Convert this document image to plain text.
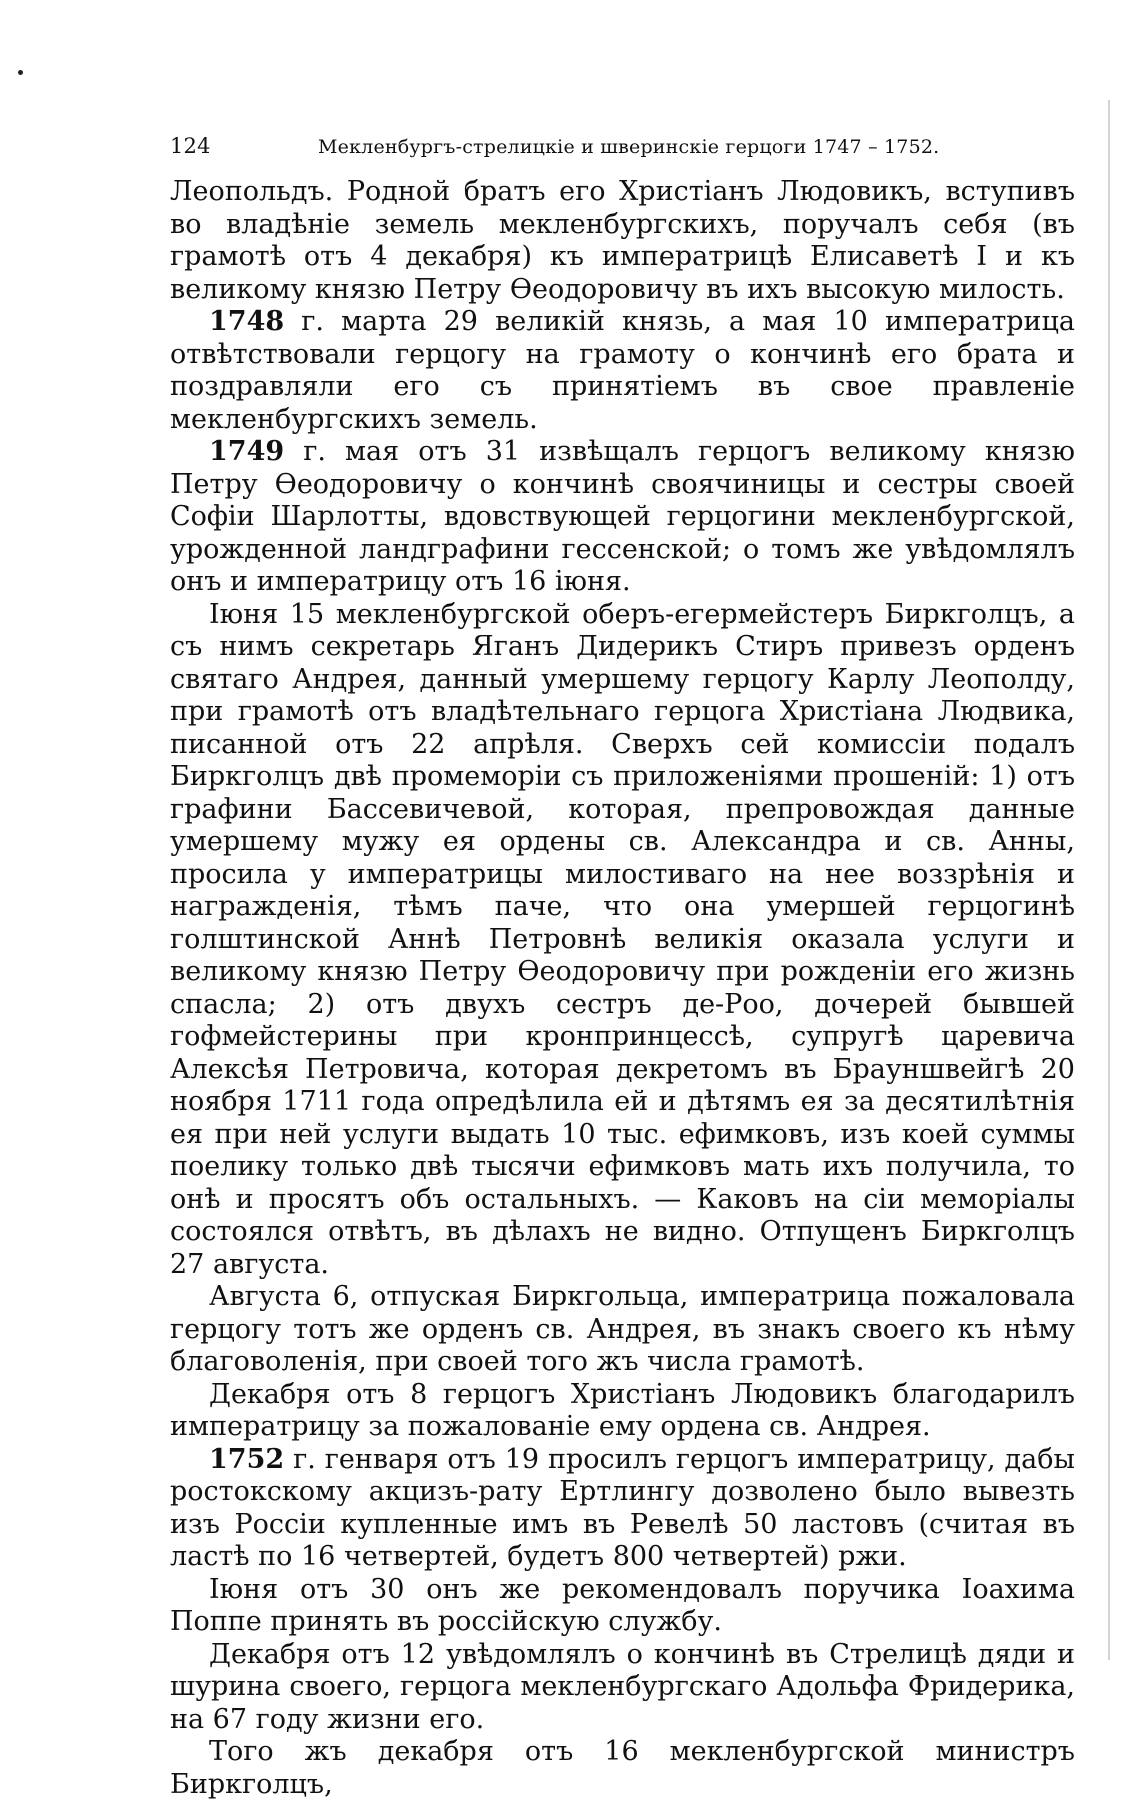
124	Мекленбургъ-стрелицкіе и шверинскіе герцоги 1747 – 1752.

Леопольдъ. Родной братъ его Христіанъ Людовикъ, вступивъ во владѣніе земель мекленбургскихъ, поручалъ себя (въ грамотѣ отъ 4 декабря) къ императрицѣ Елисаветѣ I и къ великому князю Петру Ѳеодоровичу въ ихъ высокую милость.

1748 г. марта 29 великій князь, а мая 10 императрица отвѣтствовали герцогу на грамоту о кончинѣ его брата и поздравляли его съ принятіемъ въ свое правленіе мекленбургскихъ земель.

1749 г. мая отъ 31 извѣщалъ герцогъ великому князю Петру Ѳеодоровичу о кончинѣ своячиницы и сестры своей Софіи Шарлотты, вдовствующей герцогини мекленбургской, урожденной ландграфини гессенской; о томъ же увѣдомлялъ онъ и императрицу отъ 16 іюня.

Іюня 15 мекленбургской оберъ-егермейстеръ Биркголцъ, а съ нимъ секретарь Яганъ Дидерикъ Стиръ привезъ орденъ святаго Андрея, данный умершему герцогу Карлу Леополду, при грамотѣ отъ владѣтельнаго герцога Христіана Людвика, писанной отъ 22 апрѣля. Сверхъ сей комиссіи подалъ Биркголцъ двѣ промеморіи съ приложеніями прошеній: 1) отъ графини Бассевичевой, которая, препровождая данные умершему мужу ея ордены св. Александра и св. Анны, просила у императрицы милостиваго на нее воззрѣнія и награжденія, тѣмъ паче, что она умершей герцогинѣ голштинской Аннѣ Петровнѣ великія оказала услуги и великому князю Петру Ѳеодоровичу при рожденіи его жизнь спасла; 2) отъ двухъ сестръ де-Роо, дочерей бывшей гофмейстерины при кронпринцессѣ, супругѣ царевича Алексѣя Петровича, которая декретомъ въ Брауншвейгѣ 20 ноября 1711 года опредѣлила ей и дѣтямъ ея за десятилѣтнія ея при ней услуги выдать 10 тыс. ефимковъ, изъ коей суммы поелику только двѣ тысячи ефимковъ мать ихъ получила, то онѣ и просятъ объ остальныхъ. — Каковъ на сіи меморіалы состоялся отвѣтъ, въ дѣлахъ не видно. Отпущенъ Биркголцъ 27 августа.

Августа 6, отпуская Биркгольца, императрица пожаловала герцогу тотъ же орденъ св. Андрея, въ знакъ своего къ нѣму благоволенія, при своей того жъ числа грамотѣ.

Декабря отъ 8 герцогъ Христіанъ Людовикъ благодарилъ императрицу за пожалованіе ему ордена св. Андрея.

1752 г. генваря отъ 19 просилъ герцогъ императрицу, дабы ростокскому акцизъ-рату Ертлингу дозволено было вывезть изъ Россіи купленные имъ въ Ревелѣ 50 ластовъ (считая въ ластѣ по 16 четвертей, будетъ 800 четвертей) ржи.

Іюня отъ 30 онъ же рекомендовалъ поручика Іоахима Поппе принять въ россійскую службу.

Декабря отъ 12 увѣдомлялъ о кончинѣ въ Стрелицѣ дяди и шурина своего, герцога мекленбургскаго Адольфа Фридерика, на 67 году жизни его.

Того жъ декабря отъ 16 мекленбургской министръ Биркголцъ,
